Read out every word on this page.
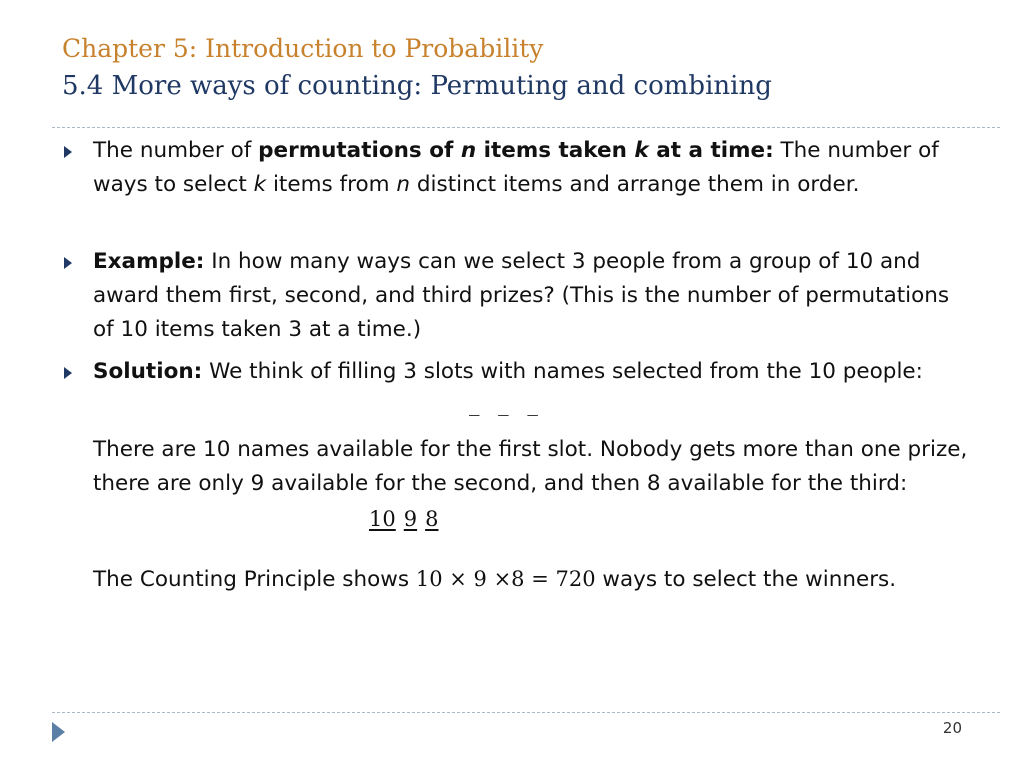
Chapter 5: Introduction to Probability
5.4 More ways of counting: Permuting and combining
The number of permutations of n items taken k at a time: The number of ways to select k items from n distinct items and arrange them in order.
Example: In how many ways can we select 3 people from a group of 10 and award them first, second, and third prizes? (This is the number of permutations of 10 items taken 3 at a time.)
Solution: We think of filling 3 slots with names selected from the 10 people:
_ _ _
There are 10 names available for the first slot. Nobody gets more than one prize, there are only 9 available for the second, and then 8 available for the third:
10 9 8
The Counting Principle shows 10 × 9 ×8 = 720 ways to select the winners.
20
